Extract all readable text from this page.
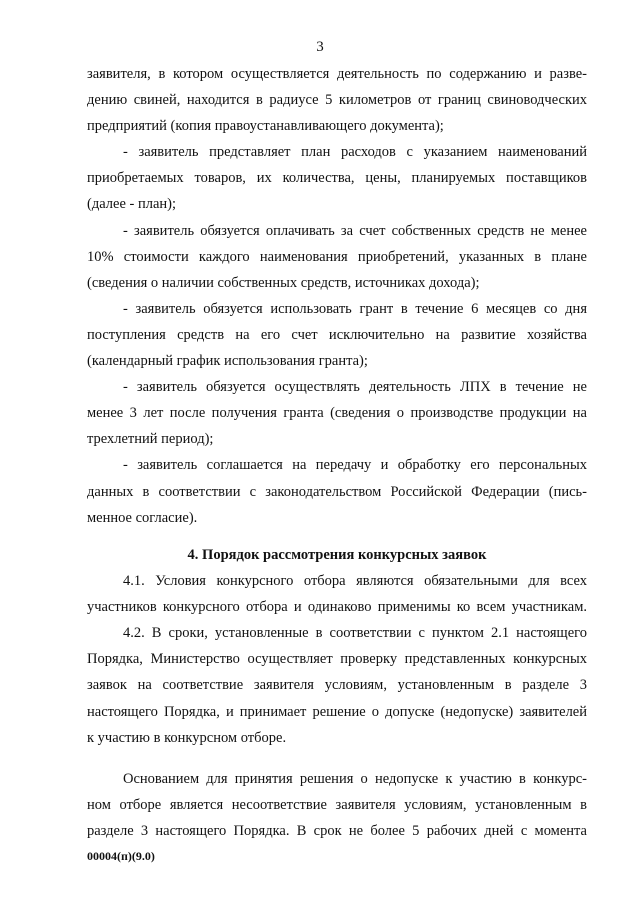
3
заявителя, в котором осуществляется деятельность по содержанию и разве-
дению свиней, находится в радиусе 5 километров от границ свиноводческих
предприятий (копия правоустанавливающего документа);
- заявитель представляет план расходов с указанием наименований
приобретаемых товаров, их количества, цены, планируемых поставщиков
(далее - план);
- заявитель обязуется оплачивать за счет собственных средств не менее
10% стоимости каждого наименования приобретений, указанных в плане
(сведения о наличии собственных средств, источниках дохода);
- заявитель обязуется использовать грант в течение 6 месяцев со дня
поступления средств на его счет исключительно на развитие хозяйства
(календарный график использования гранта);
- заявитель обязуется осуществлять деятельность ЛПХ в течение не
менее 3 лет после получения гранта (сведения о производстве продукции на
трехлетний период);
- заявитель соглашается на передачу и обработку его персональных
данных в соответствии с законодательством Российской Федерации (пись-
менное согласие).
4. Порядок рассмотрения конкурсных заявок
4.1. Условия конкурсного отбора являются обязательными для всех
участников конкурсного отбора и одинаково применимы ко всем участникам.
4.2. В сроки, установленные в соответствии с пунктом 2.1 настоящего
Порядка, Министерство осуществляет проверку представленных конкурсных
заявок на соответствие заявителя условиям, установленным в разделе 3
настоящего Порядка, и принимает решение о допуске (недопуске) заявителей
к участию в конкурсном отборе.
Основанием для принятия решения о недопуске к участию в конкурс-
ном отборе является несоответствие заявителя условиям, установленным в
разделе 3 настоящего Порядка. В срок не более 5 рабочих дней с момента
00004(п)(9.0)
